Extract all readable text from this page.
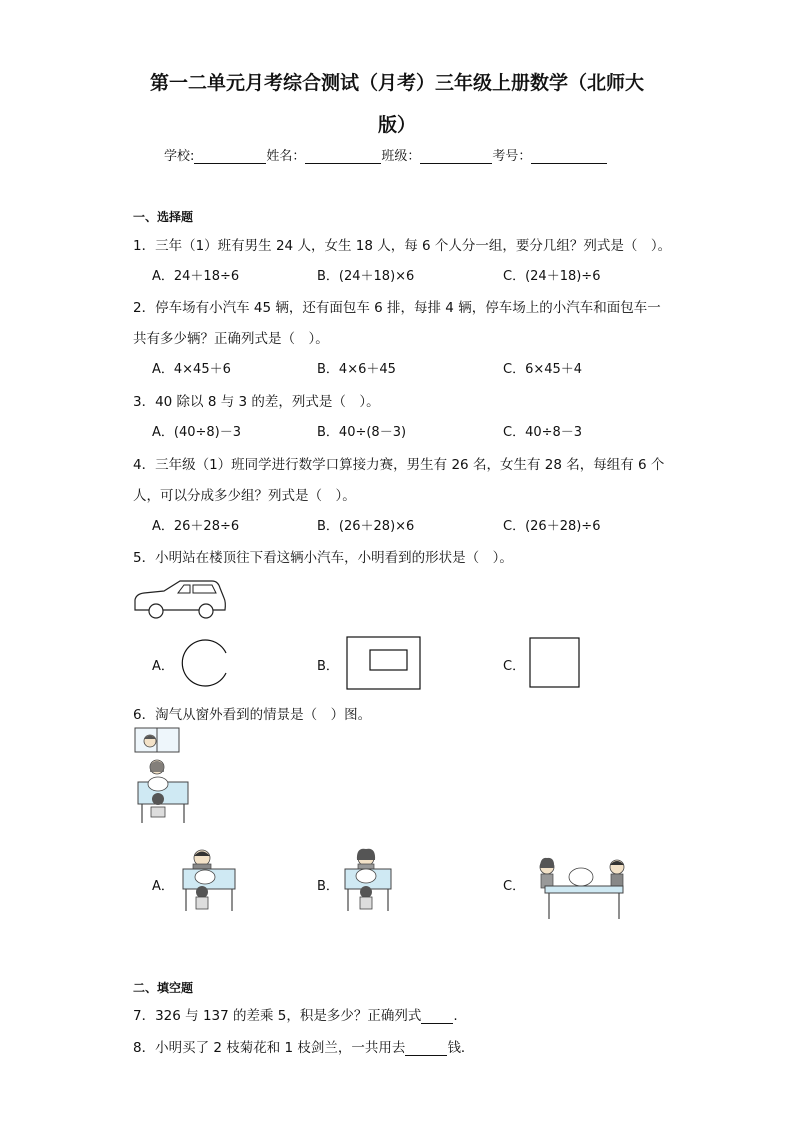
第一二单元月考综合测试（月考）三年级上册数学（北师大
版）
学校:	姓名：	班级：	考号：
一、选择题
1．三年（1）班有男生 24 人，女生 18 人，每 6 个人分一组，要分几组？列式是（　）。
A．24＋18÷6	B．(24＋18)×6	C．(24＋18)÷6
2．停车场有小汽车 45 辆，还有面包车 6 排，每排 4 辆，停车场上的小汽车和面包车一
共有多少辆？正确列式是（　）。
A．4×45＋6	B．4×6＋45	C．6×45＋4
3．40 除以 8 与 3 的差，列式是（　）。
A．(40÷8)－3	B．40÷(8－3)	C．40÷8－3
4．三年级（1）班同学进行数学口算接力赛，男生有 26 名，女生有 28 名，每组有 6 个
人，可以分成多少组？列式是（　）。
A．26＋28÷6	B．(26＋28)×6	C．(26＋28)÷6
5．小明站在楼顶往下看这辆小汽车，小明看到的形状是（　）。
A．	B．	C．
6．淘气从窗外看到的情景是（　）图。
A．	B．	C．
二、填空题
7．326 与 137 的差乘 5，积是多少？正确列式 .
8．小明买了 2 枝菊花和 1 枝剑兰，一共用去	钱．
